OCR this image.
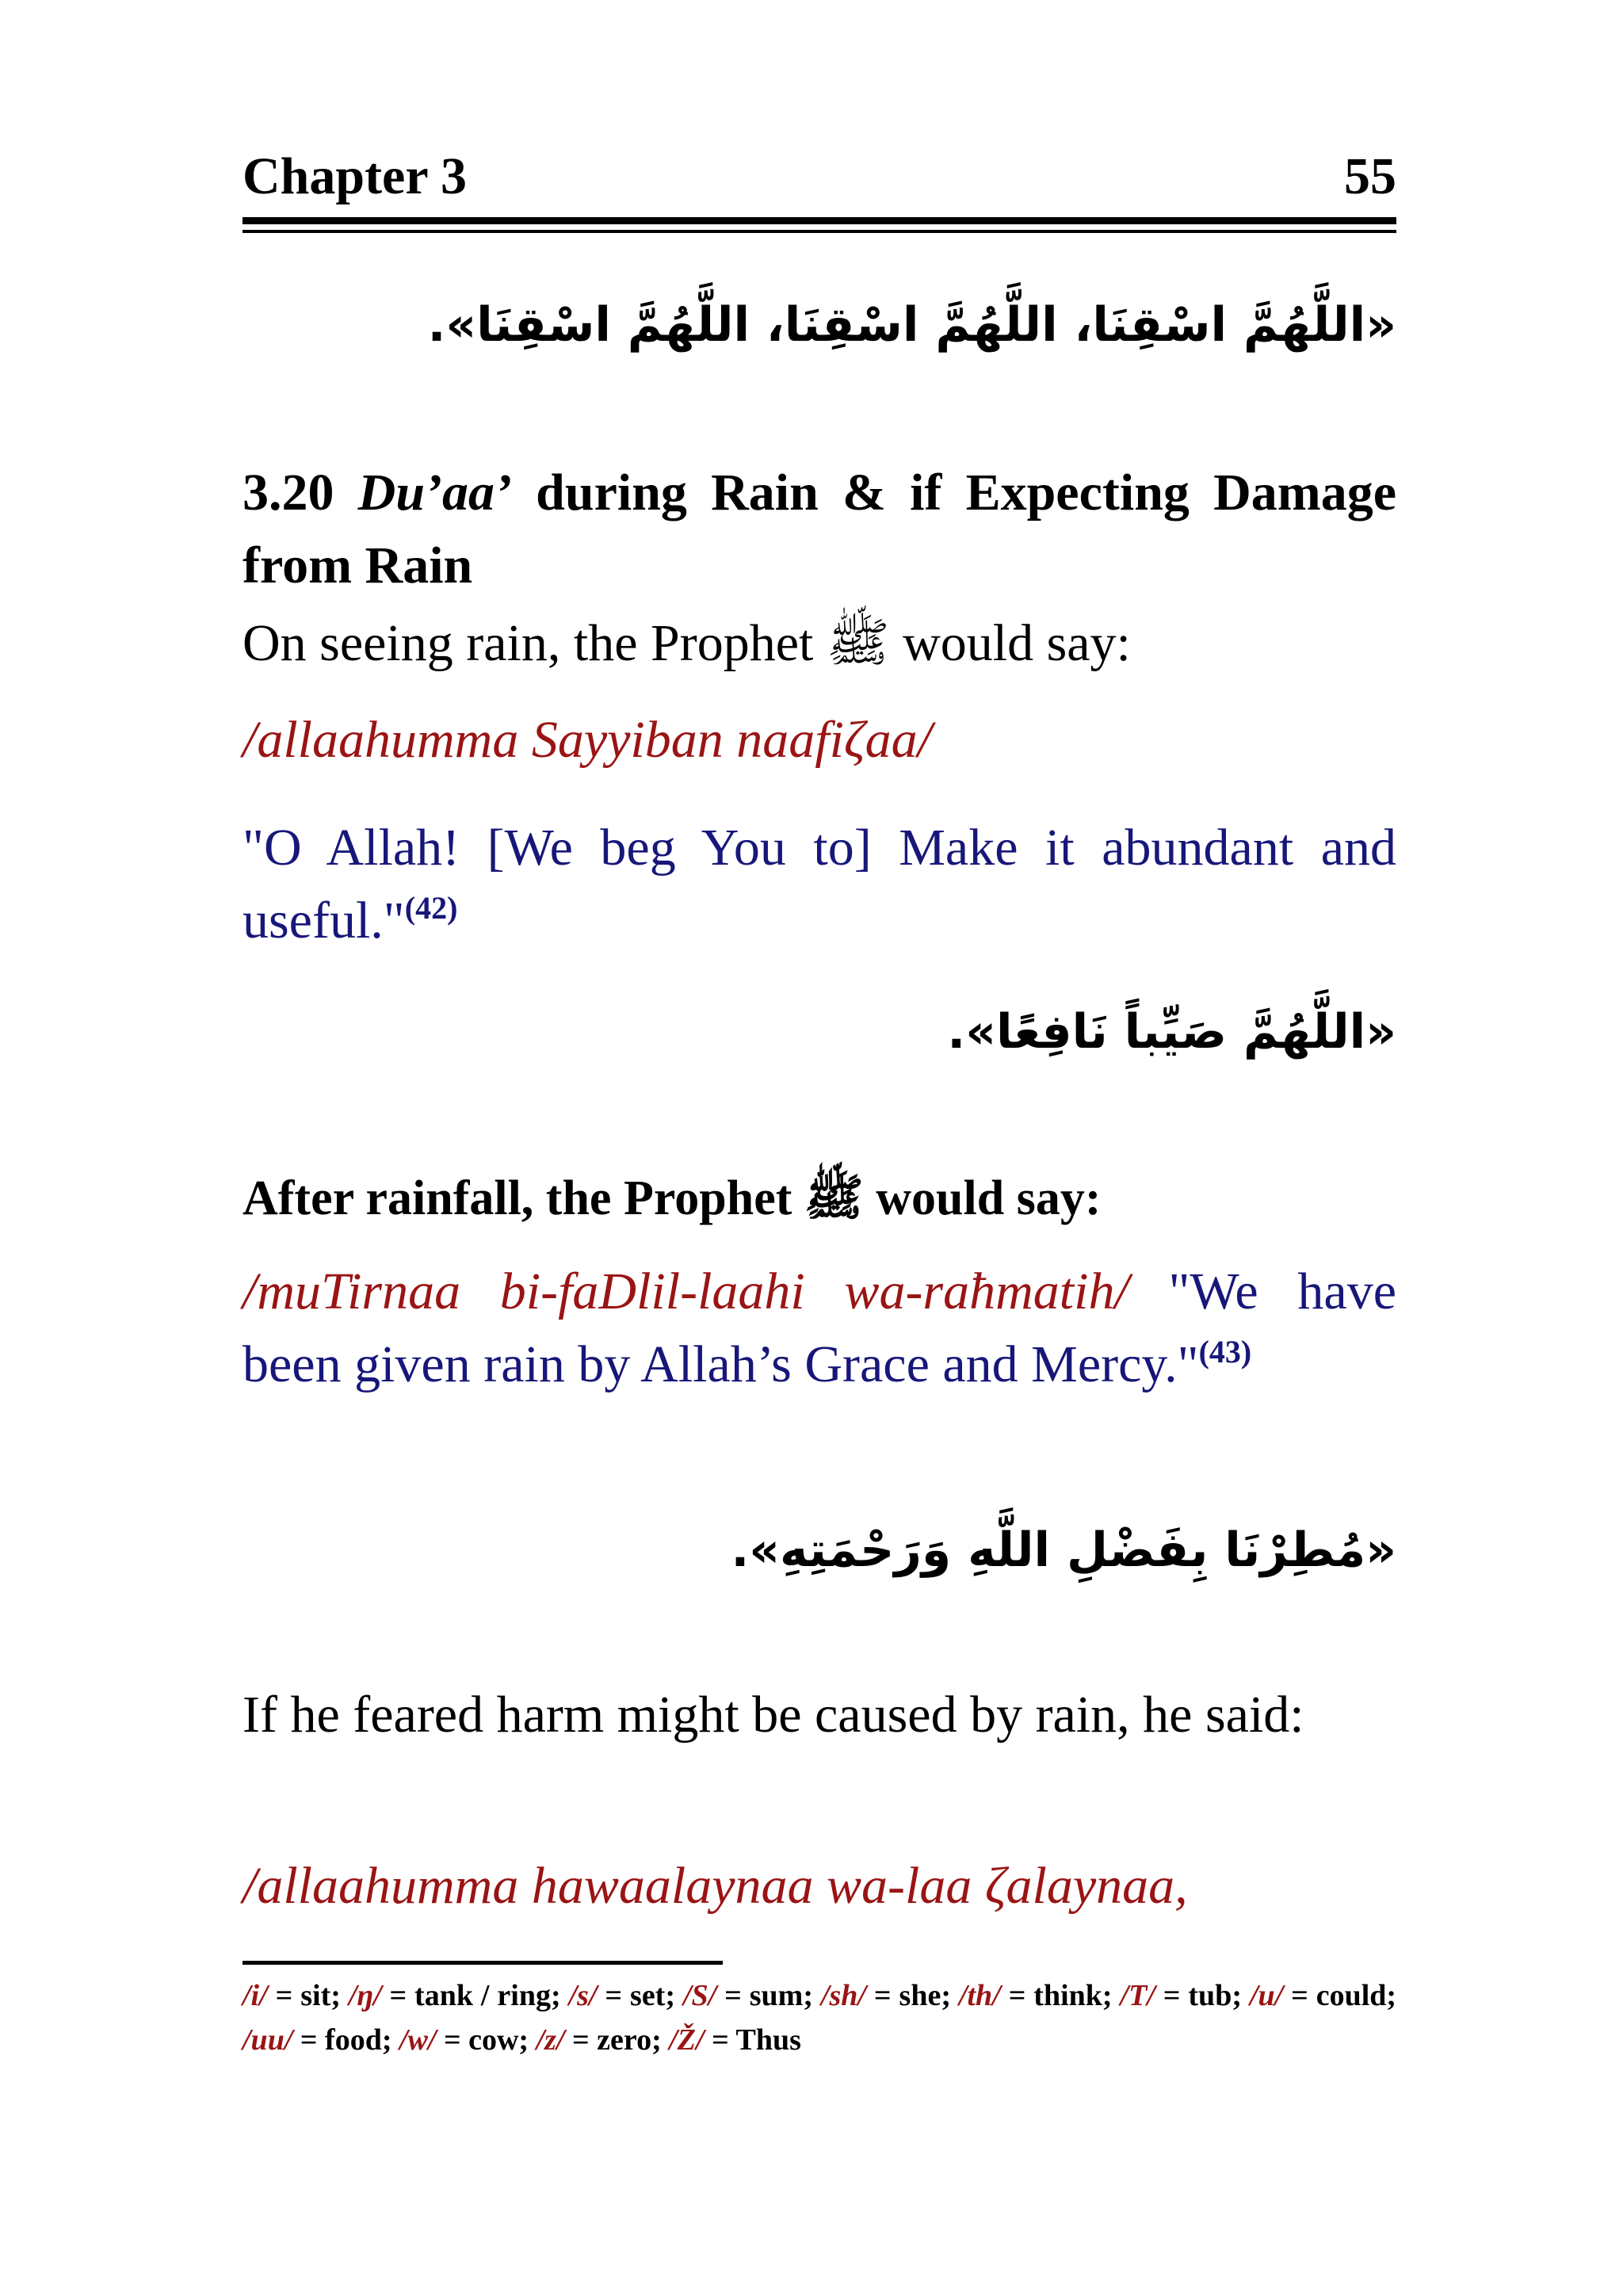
Chapter 3	55
«اللَّهُمَّ اسْقِنَا، اللَّهُمَّ اسْقِنَا، اللَّهُمَّ اسْقِنَا».
3.20 Du’aa’ during Rain & if Expecting Damage from Rain
On seeing rain, the Prophet ﷺ would say:
/allaahumma Sayyiban naafiζaa/
"O Allah! [We beg You to] Make it abundant and useful."$^{(42)}$
«اللَّهُمَّ صَيِّباً نَافِعًا».
After rainfall, the Prophet ﷺ would say:
/muTirnaa bi-faDlil-laahi wa-raħmatih/ "We have been given rain by Allah’s Grace and Mercy."$^{(43)}$
«مُطِرْنَا بِفَضْلِ اللَّهِ وَرَحْمَتِهِ».
If he feared harm might be caused by rain, he said:
/allaahumma hawaalaynaa wa-laa ζalaynaa,
/i/ = sit; /ŋ/ = tank / ring; /s/ = set; /S/ = sum; /sh/ = she; /th/ = think; /T/ = tub; /u/ = could; /uu/ = food; /w/ = cow; /z/ = zero; /Ž/ = Thus
